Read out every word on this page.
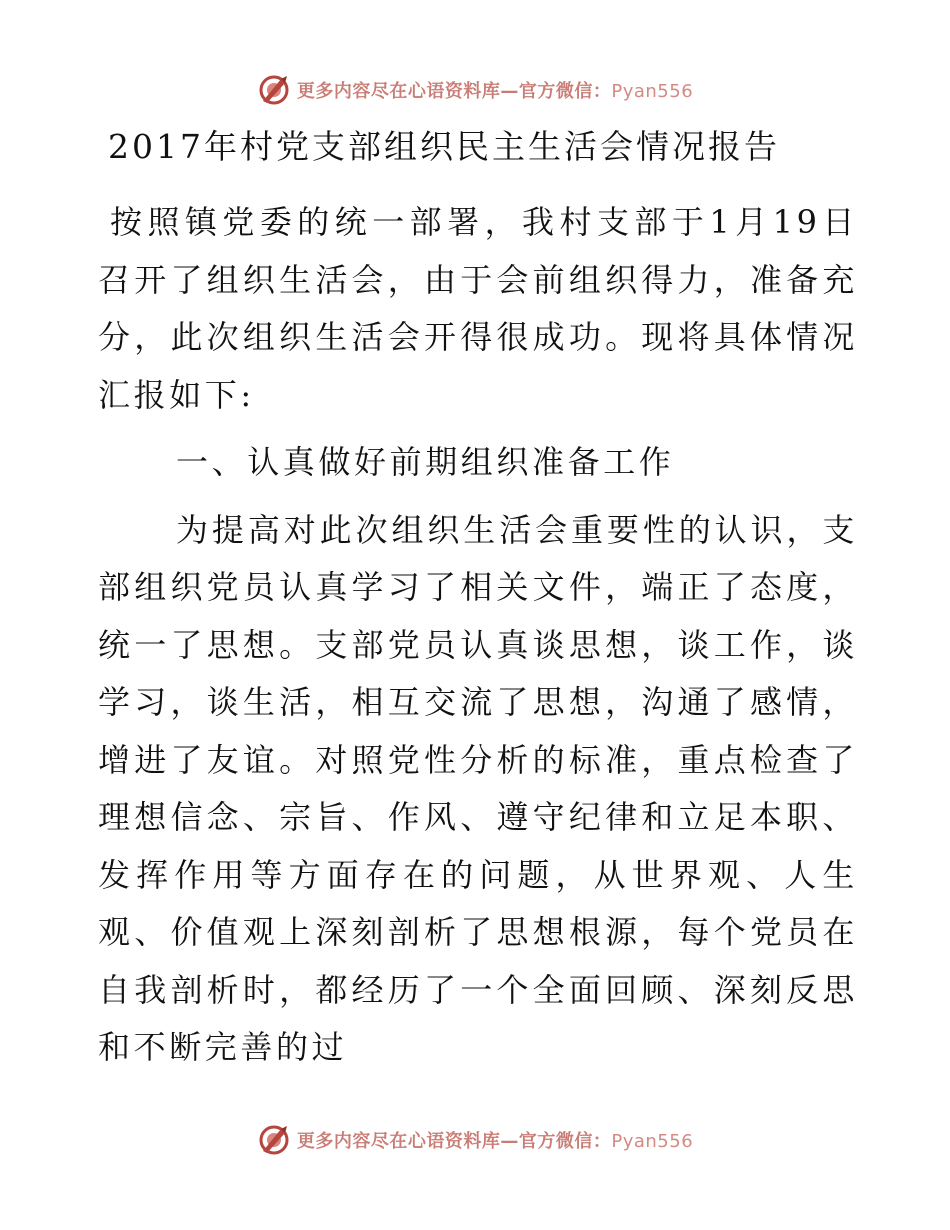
更多内容尽在心语资料库—官方微信：Pyan556
2017年村党支部组织民主生活会情况报告

按照镇党委的统一部署，我村支部于1月19日召开了组织生活会，由于会前组织得力，准备充分，此次组织生活会开得很成功。现将具体情况汇报如下:

一、认真做好前期组织准备工作

为提高对此次组织生活会重要性的认识，支部组织党员认真学习了相关文件，端正了态度，统一了思想。支部党员认真谈思想，谈工作，谈学习，谈生活，相互交流了思想，沟通了感情，增进了友谊。对照党性分析的标准，重点检查了理想信念、宗旨、作风、遵守纪律和立足本职、发挥作用等方面存在的问题，从世界观、人生观、价值观上深刻剖析了思想根源，每个党员在自我剖析时，都经历了一个全面回顾、深刻反思和不断完善的过

更多内容尽在心语资料库—官方微信：Pyan556
